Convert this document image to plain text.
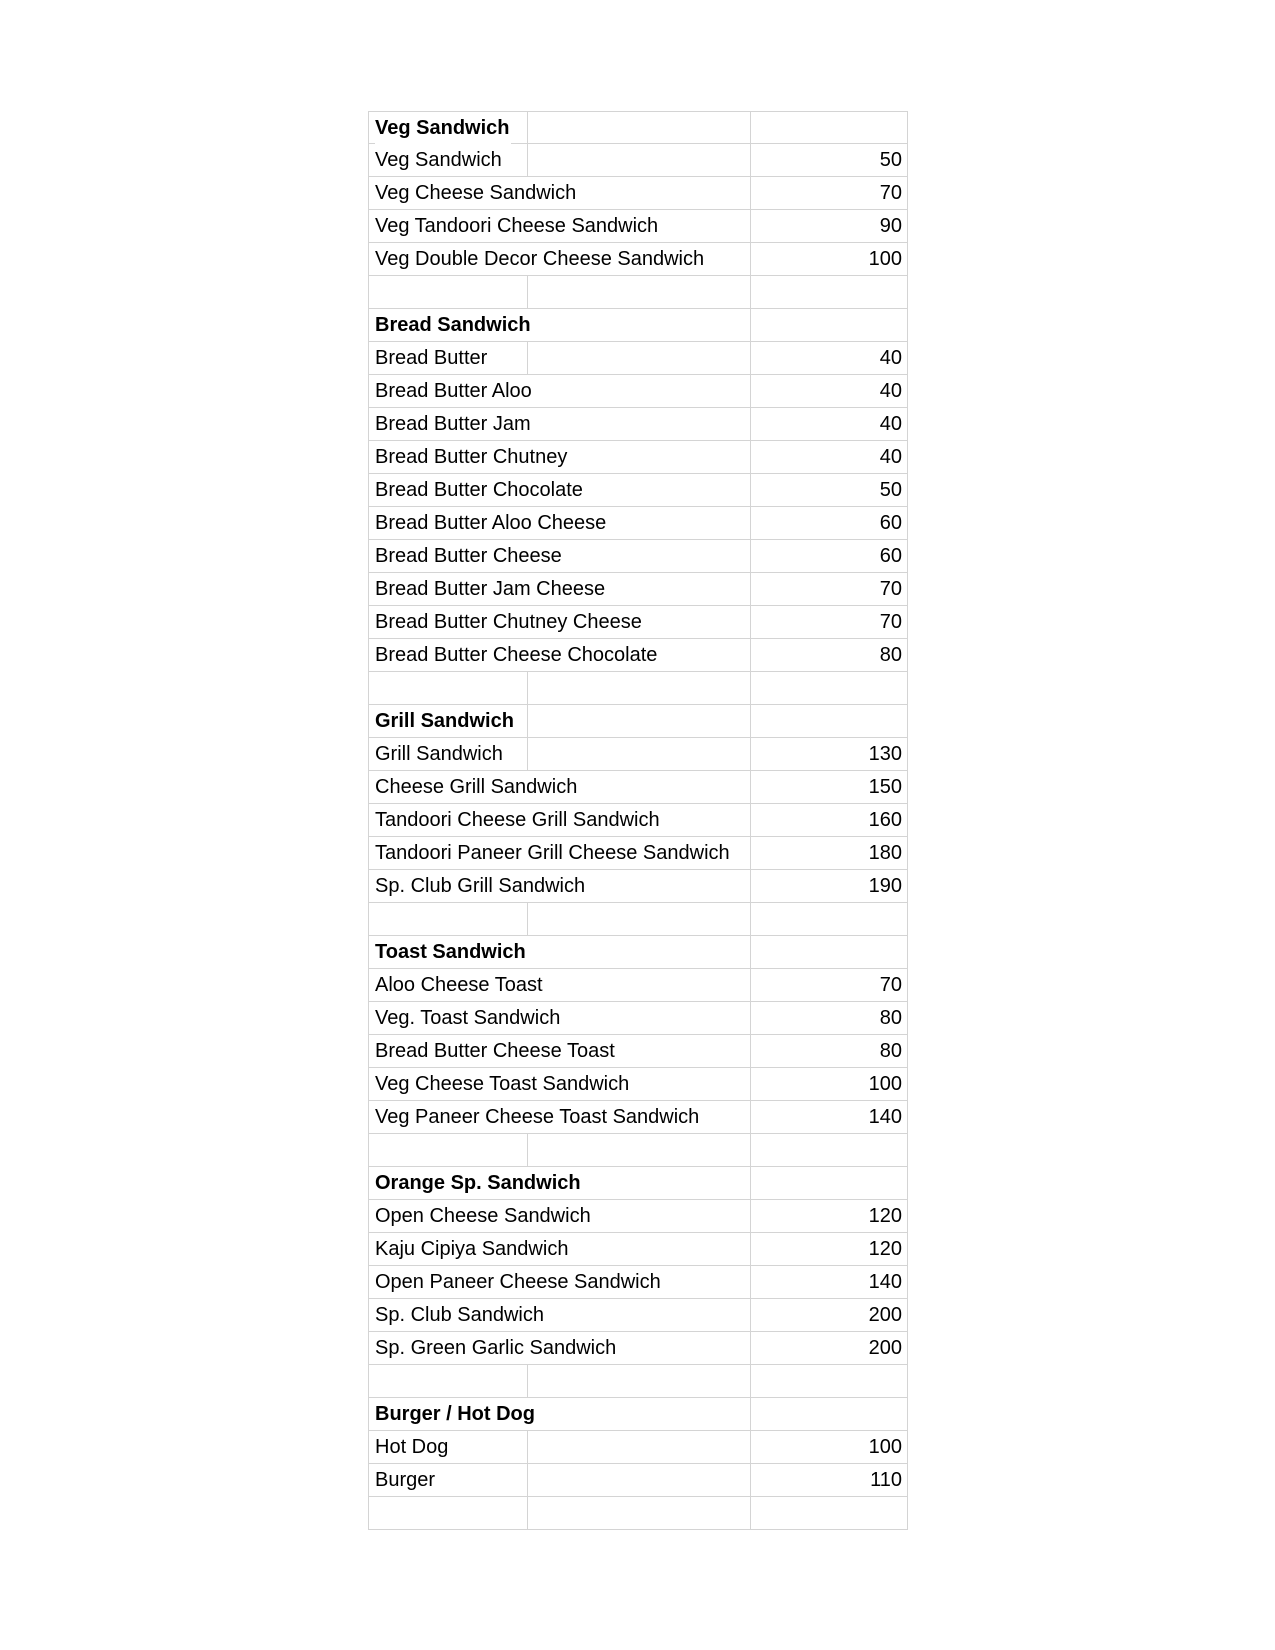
Veg Sandwich
Veg Sandwich	50
Veg Cheese Sandwich	70
Veg Tandoori Cheese Sandwich	90
Veg Double Decor Cheese Sandwich	100
Bread Sandwich
Bread Butter	40
Bread Butter Aloo	40
Bread Butter Jam	40
Bread Butter Chutney	40
Bread Butter Chocolate	50
Bread Butter Aloo Cheese	60
Bread Butter Cheese	60
Bread Butter Jam Cheese	70
Bread Butter Chutney Cheese	70
Bread Butter Cheese Chocolate	80
Grill Sandwich
Grill Sandwich	130
Cheese Grill Sandwich	150
Tandoori Cheese Grill Sandwich	160
Tandoori Paneer Grill Cheese Sandwich	180
Sp. Club Grill Sandwich	190
Toast Sandwich
Aloo Cheese Toast	70
Veg. Toast Sandwich	80
Bread Butter Cheese Toast	80
Veg Cheese Toast Sandwich	100
Veg Paneer Cheese Toast Sandwich	140
Orange Sp. Sandwich
Open Cheese Sandwich	120
Kaju Cipiya Sandwich	120
Open Paneer Cheese Sandwich	140
Sp. Club Sandwich	200
Sp. Green Garlic Sandwich	200
Burger / Hot Dog
Hot Dog	100
Burger	110
